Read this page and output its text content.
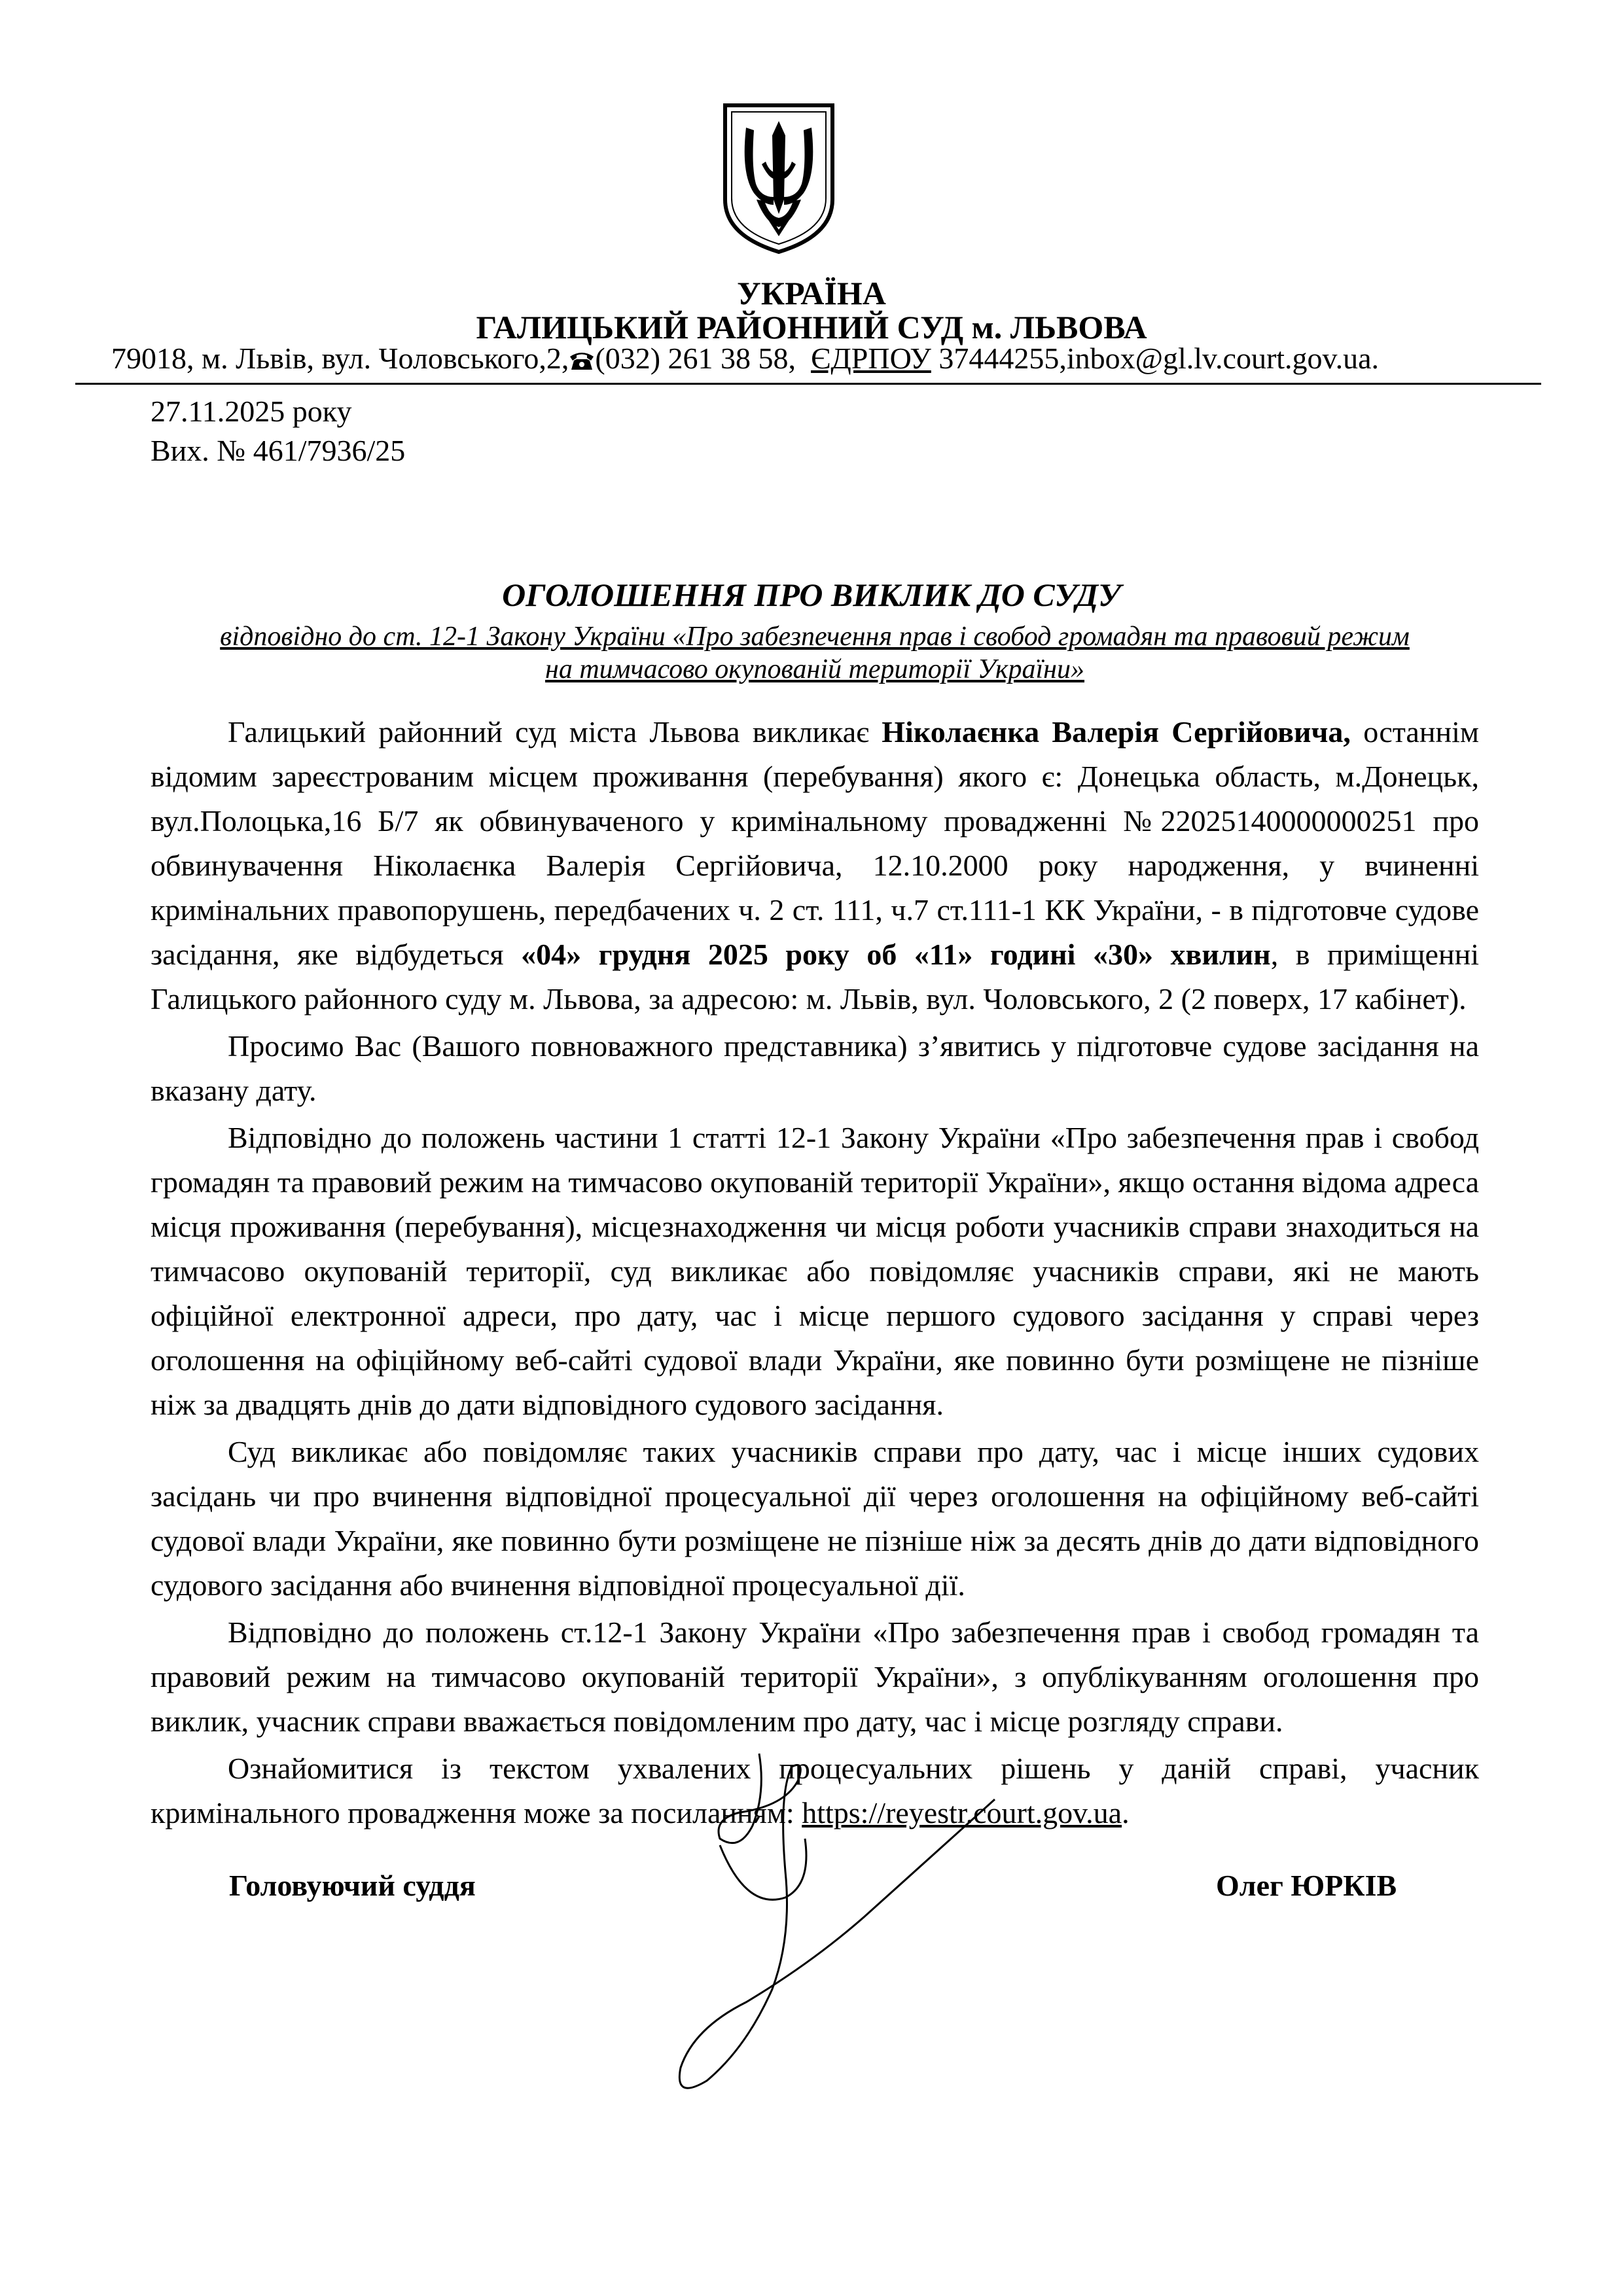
УКРАЇНА
ГАЛИЦЬКИЙ РАЙОННИЙ СУД м. ЛЬВОВА
79018, м. Львів, вул. Чоловського,2, (032) 261 38 58, ЄДРПОУ 37444255,inbox@gl.lv.court.gov.ua.
27.11.2025 року
Вих. № 461/7936/25
ОГОЛОШЕННЯ ПРО ВИКЛИК ДО СУДУ
відповідно до ст. 12-1 Закону України «Про забезпечення прав і свобод громадян та правовий режим
на тимчасово окупованій території України»

Галицький районний суд міста Львова викликає Ніколаєнка Валерія Сергійовича, останнім відомим зареєстрованим місцем проживання (перебування) якого є: Донецька область, м.Донецьк, вул.Полоцька,16 Б/7 як обвинуваченого у кримінальному провадженні №22025140000000251 про обвинувачення Ніколаєнка Валерія Сергійовича, 12.10.2000 року народження, у вчиненні кримінальних правопорушень, передбачених ч. 2 ст. 111, ч.7 ст.111-1 КК України, - в підготовче судове засідання, яке відбудеться «04» грудня 2025 року об «11» годині «30» хвилин, в приміщенні Галицького районного суду м. Львова, за адресою: м. Львів, вул. Чоловського, 2 (2 поверх, 17 кабінет).

Просимо Вас (Вашого повноважного представника) з’явитись у підготовче судове засідання на вказану дату.

Відповідно до положень частини 1 статті 12-1 Закону України «Про забезпечення прав і свобод громадян та правовий режим на тимчасово окупованій території України», якщо остання відома адреса місця проживання (перебування), місцезнаходження чи місця роботи учасників справи знаходиться на тимчасово окупованій території, суд викликає або повідомляє учасників справи, які не мають офіційної електронної адреси, про дату, час і місце першого судового засідання у справі через оголошення на офіційному веб-сайті судової влади України, яке повинно бути розміщене не пізніше ніж за двадцять днів до дати відповідного судового засідання.

Суд викликає або повідомляє таких учасників справи про дату, час і місце інших судових засідань чи про вчинення відповідної процесуальної дії через оголошення на офіційному веб-сайті судової влади України, яке повинно бути розміщене не пізніше ніж за десять днів до дати відповідного судового засідання або вчинення відповідної процесуальної дії.

Відповідно до положень ст.12-1 Закону України «Про забезпечення прав і свобод громадян та правовий режим на тимчасово окупованій території України», з опублікуванням оголошення про виклик, учасник справи вважається повідомленим про дату, час і місце розгляду справи.

Ознайомитися із текстом ухвалених процесуальних рішень у даній справі, учасник кримінального провадження може за посиланням: https://reyestr.court.gov.ua.

Головуючий суддя	Олег ЮРКІВ
